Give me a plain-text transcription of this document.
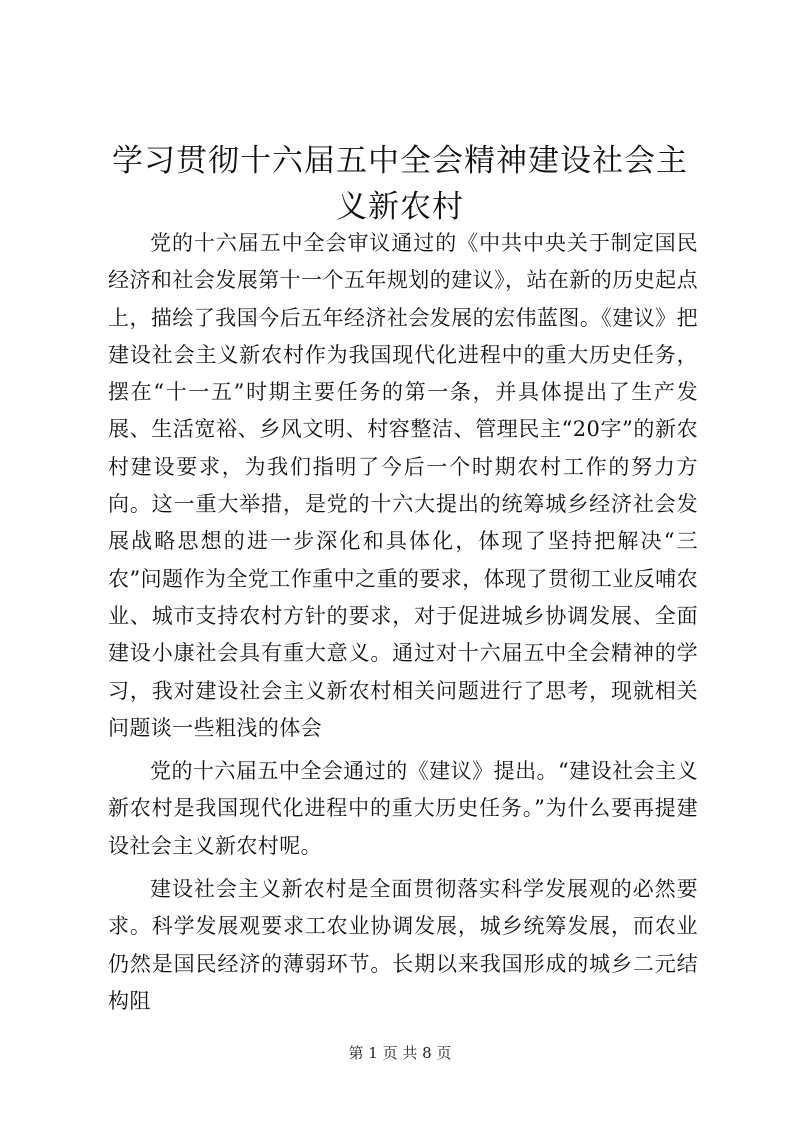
学习贯彻十六届五中全会精神建设社会主义新农村

党的十六届五中全会审议通过的《中共中央关于制定国民经济和社会发展第十一个五年规划的建议》，站在新的历史起点上，描绘了我国今后五年经济社会发展的宏伟蓝图。《建议》把建设社会主义新农村作为我国现代化进程中的重大历史任务，摆在“十一五”时期主要任务的第一条，并具体提出了生产发展、生活宽裕、乡风文明、村容整洁、管理民主“20字”的新农村建设要求，为我们指明了今后一个时期农村工作的努力方向。这一重大举措，是党的十六大提出的统筹城乡经济社会发展战略思想的进一步深化和具体化，体现了坚持把解决“三农”问题作为全党工作重中之重的要求，体现了贯彻工业反哺农业、城市支持农村方针的要求，对于促进城乡协调发展、全面建设小康社会具有重大意义。通过对十六届五中全会精神的学习，我对建设社会主义新农村相关问题进行了思考，现就相关问题谈一些粗浅的体会

党的十六届五中全会通过的《建议》提出。“建设社会主义新农村是我国现代化进程中的重大历史任务。”为什么要再提建设社会主义新农村呢。

建设社会主义新农村是全面贯彻落实科学发展观的必然要求。科学发展观要求工农业协调发展，城乡统筹发展，而农业仍然是国民经济的薄弱环节。长期以来我国形成的城乡二元结构阻

第 1 页 共 8 页
